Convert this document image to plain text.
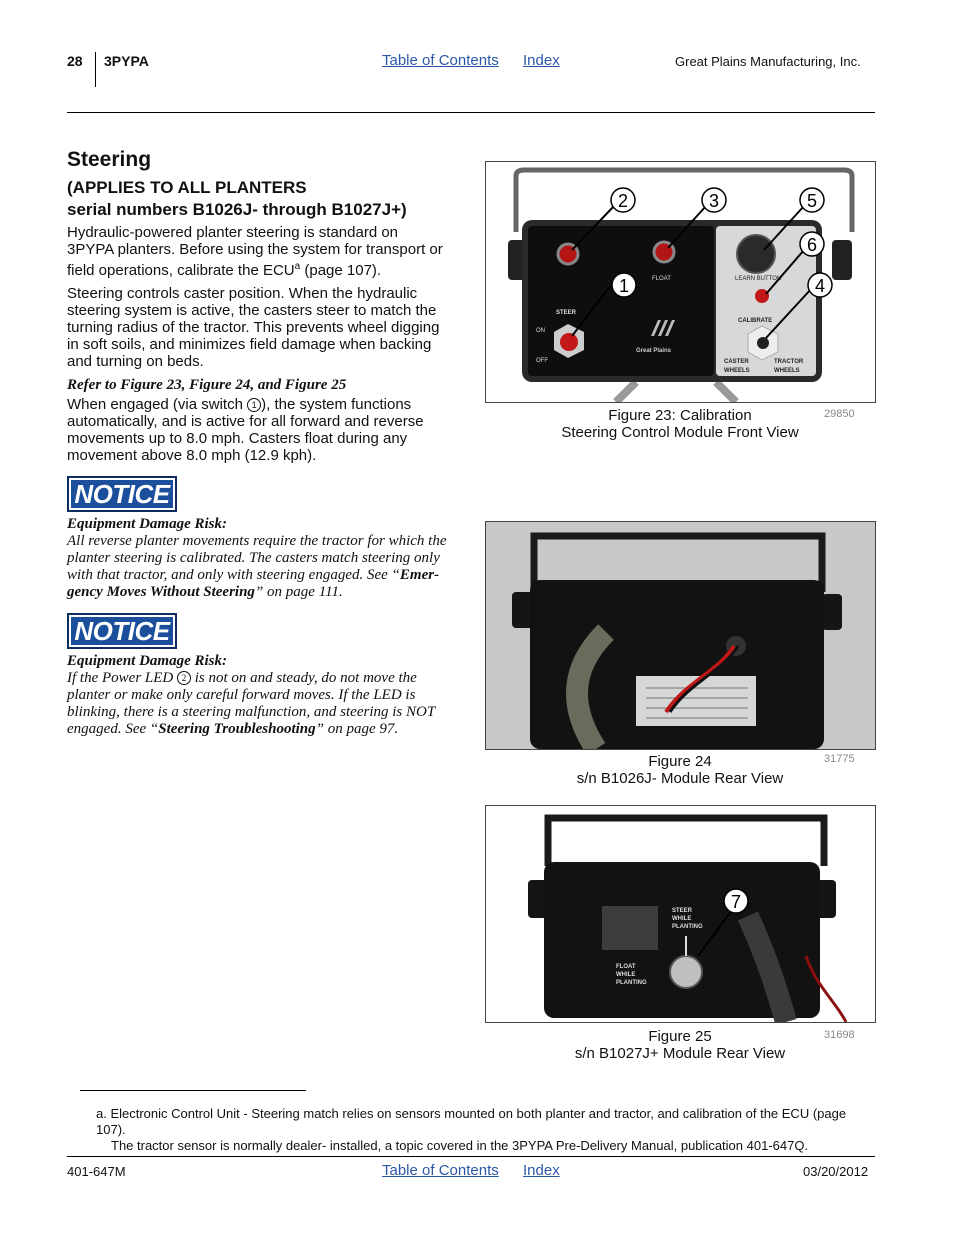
28 3PYPA	Table of Contents Index	Great Plains Manufacturing, Inc.
Steering
(APPLIES TO ALL PLANTERS
serial numbers B1026J- through B1027J+)
Hydraulic-powered planter steering is standard on
3PYPA planters. Before using the system for transport or
field operations, calibrate the ECU$^a$ (page 107).
Steering controls caster position. When the hydraulic
steering system is active, the casters steer to match the
turning radius of the tractor. This prevents wheel digging
in soft soils, and minimizes field damage when backing
and turning on beds.
Refer to Figure 23, Figure 24, and Figure 25
When engaged (via switch 1 ), the system functions
automatically, and is active for all forward and reverse
movements up to 8.0 mph. Casters float during any
movement above 8.0 mph (12.9 kph).
NOTICE
Equipment Damage Risk:
All reverse planter movements require the tractor for which the
planter steering is calibrated. The casters match steering only
with that tractor, and only with steering engaged. See “Emer-
gency Moves Without Steering” on page 111.
NOTICE
Equipment Damage Risk:
If the Power LED 2 is not on and steady, do not move the
planter or make only careful forward moves. If the LED is
blinking, there is a steering malfunction, and steering is NOT
engaged. See “Steering Troubleshooting” on page 97.
STEER
ON
OFF
FLOAT
Great Plains
LEARN BUTTON
CALIBRATE
CASTER
WHEELS
TRACTOR
WHEELS
2	3	5
6
1	4
Figure 23: Calibration
Steering Control Module Front View
29850
Figure 24
s/n B1026J- Module Rear View
31775
STEER
WHILE
PLANTING
FLOAT
WHILE
PLANTING
7
Figure 25
s/n B1027J+ Module Rear View
31698
a. Electronic Control Unit - Steering match relies on sensors mounted on both planter and tractor, and calibration of the ECU (page 107).
The tractor sensor is normally dealer- installed, a topic covered in the 3PYPA Pre-Delivery Manual, publication 401-647Q.
401-647M	Table of Contents Index	03/20/2012
